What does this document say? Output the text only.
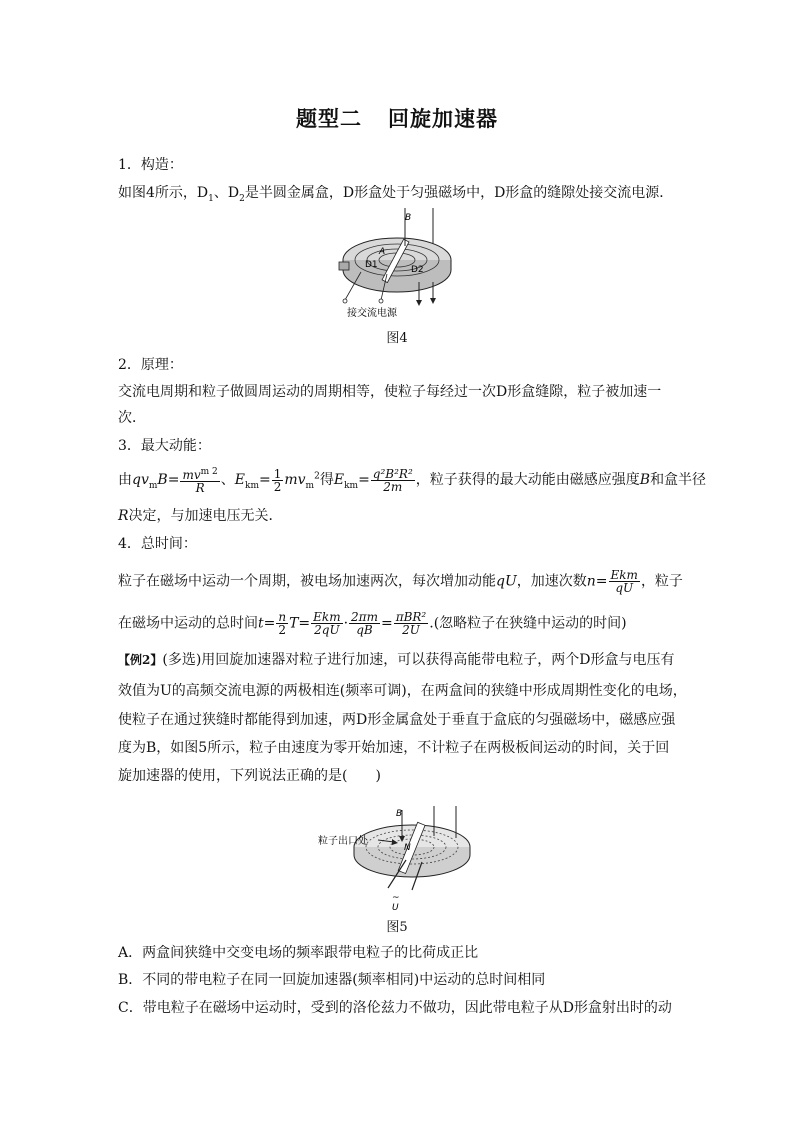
题型二 回旋加速器
1．构造：
如图4所示，$D_1$、$D_2$是半圆金属盒，D形盒处于匀强磁场中，D形盒的缝隙处接交流电源．
B
A
D1	D2
接交流电源
图4
2．原理：
交流电周期和粒子做圆周运动的周期相等，使粒子每经过一次D形盒缝隙，粒子被加速一
次．
3．最大动能：
由$qv_mB= \frac{mv^{m 2}}{R}$ 、$E_{km}= \frac{1}{2} mv_m^2$得$E_{km}= \frac{\text{q²B²R²}}{2m}$ ，粒子获得的最大动能由磁感应强度B和盒半径
R决定，与加速电压无关．
4．总时间：
粒子在磁场中运动一个周期，被电场加速两次，每次增加动能qU，加速次数$n= \frac{\text{Ekm}}{qU}$ ，粒子
在磁场中运动的总时间$t= \frac{n}{2} T= \frac{\text{Ekm}}{2qU} \cdot \frac{2\pi m}{qB} = \frac{\text{πBR²}}{2U}$ .(忽略粒子在狭缝中运动的时间)
【例2】(多选)用回旋加速器对粒子进行加速，可以获得高能带电粒子，两个D形盒与电压有
效值为U的高频交流电源的两极相连(频率可调)，在两盒间的狭缝中形成周期性变化的电场，
使粒子在通过狭缝时都能得到加速，两D形金属盒处于垂直于盒底的匀强磁场中，磁感应强
度为B，如图5所示，粒子由速度为零开始加速，不计粒子在两极板间运动的时间，关于回
旋加速器的使用，下列说法正确的是(　　)
B
N
粒子出口处
~
U
图5
A．两盒间狭缝中交变电场的频率跟带电粒子的比荷成正比
B．不同的带电粒子在同一回旋加速器(频率相同)中运动的总时间相同
C．带电粒子在磁场中运动时，受到的洛伦兹力不做功，因此带电粒子从D形盒射出时的动
